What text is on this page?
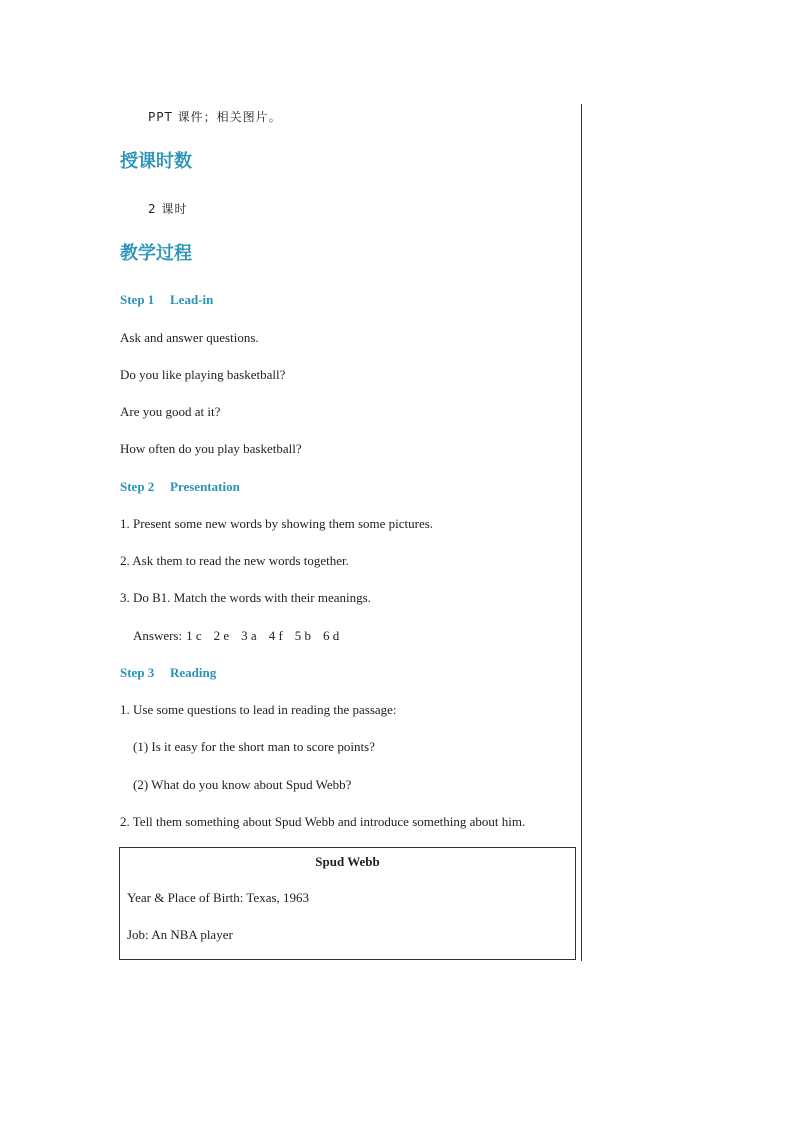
PPT 课件；相关图片。
授课时数
2 课时
教学过程
Step 1 Lead-in
Ask and answer questions.
Do you like playing basketball?
Are you good at it?
How often do you play basketball?
Step 2 Presentation
1. Present some new words by showing them some pictures.
2. Ask them to read the new words together.
3. Do B1. Match the words with their meanings.
Answers: 1 c 2 e 3 a 4 f 5 b 6 d
Step 3 Reading
1. Use some questions to lead in reading the passage:
(1) Is it easy for the short man to score points?
(2) What do you know about Spud Webb?
2. Tell them something about Spud Webb and introduce something about him.
Spud Webb
Year & Place of Birth: Texas, 1963
Job: An NBA player
